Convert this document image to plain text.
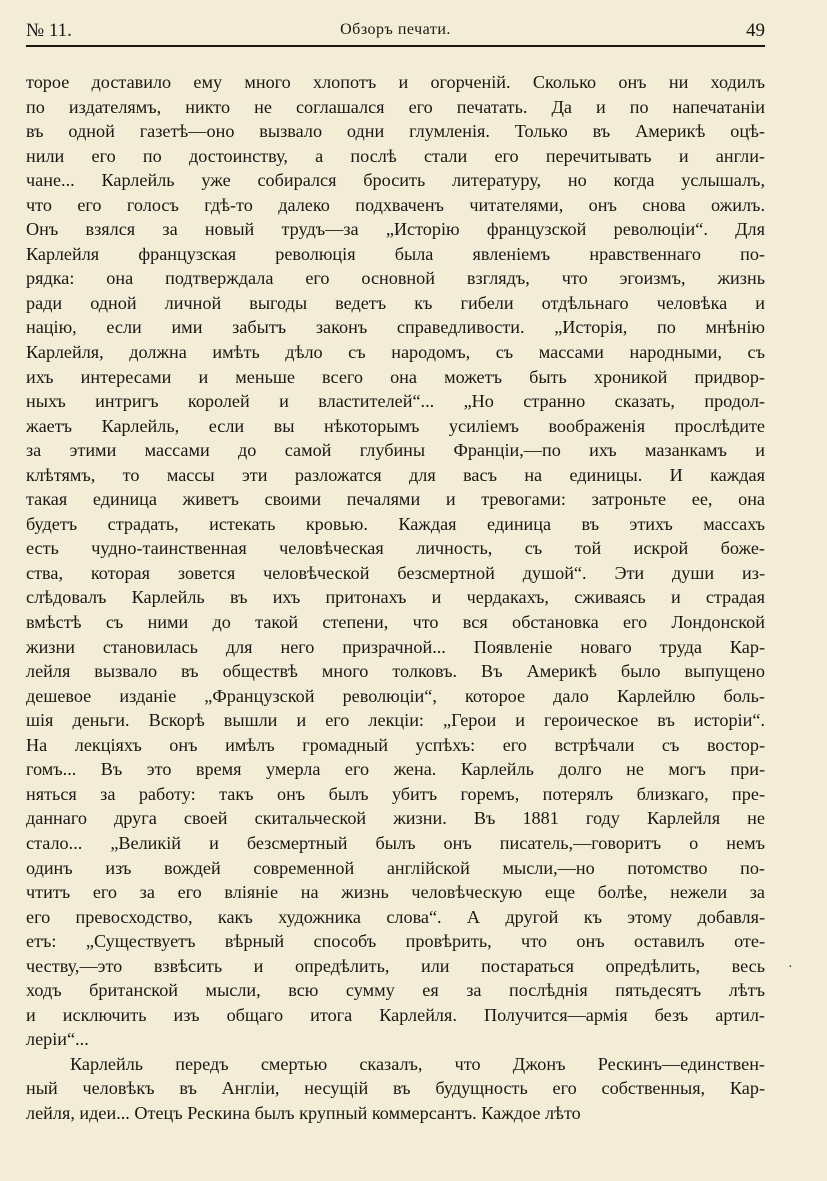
№ 11.	Обзоръ печати.	49
торое доставило ему много хлопотъ и огорченій. Сколько онъ ни ходилъ
по издателямъ, никто не соглашался его печатать. Да и по напечатаніи
въ одной газетѣ—оно вызвало одни глумленія. Только въ Америкѣ оцѣ-
нили его по достоинству, а послѣ стали его перечитывать и англи-
чане... Карлейль уже собирался бросить литературу, но когда услышалъ,
что его голосъ гдѣ-то далеко подхваченъ читателями, онъ снова ожилъ.
Онъ взялся за новый трудъ—за „Исторію французской революціи“. Для
Карлейля французская революція была явленіемъ нравственнаго по-
рядка: она подтверждала его основной взглядъ, что эгоизмъ, жизнь
ради одной личной выгоды ведетъ къ гибели отдѣльнаго человѣка и
націю, если ими забытъ законъ справедливости. „Исторія, по мнѣнію
Карлейля, должна имѣть дѣло съ народомъ, съ массами народными, съ
ихъ интересами и меньше всего она можетъ быть хроникой придвор-
ныхъ интригъ королей и властителей“... „Но странно сказать, продол-
жаетъ Карлейль, если вы нѣкоторымъ усиліемъ воображенія прослѣдите
за этими массами до самой глубины Франціи,—по ихъ мазанкамъ и
клѣтямъ, то массы эти разложатся для васъ на единицы. И каждая
такая единица живетъ своими печалями и тревогами: затроньте ее, она
будетъ страдать, истекать кровью. Каждая единица въ этихъ массахъ
есть чудно-таинственная человѣческая личность, съ той искрой боже-
ства, которая зовется человѣческой безсмертной душой“. Эти души из-
слѣдовалъ Карлейль въ ихъ притонахъ и чердакахъ, сживаясь и страдая
вмѣстѣ съ ними до такой степени, что вся обстановка его Лондонской
жизни становилась для него призрачной... Появленіе новаго труда Кар-
лейля вызвало въ обществѣ много толковъ. Въ Америкѣ было выпущено
дешевое изданіе „Французской революціи“, которое дало Карлейлю боль-
шія деньги. Вскорѣ вышли и его лекціи: „Герои и героическое въ исторіи“.
На лекціяхъ онъ имѣлъ громадный успѣхъ: его встрѣчали съ востор-
гомъ... Въ это время умерла его жена. Карлейль долго не могъ при-
няться за работу: такъ онъ былъ убитъ горемъ, потерялъ близкаго, пре-
даннаго друга своей скитальческой жизни. Въ 1881 году Карлейля не
стало... „Великій и безсмертный былъ онъ писатель,—говоритъ о немъ
одинъ изъ вождей современной англійской мысли,—но потомство по-
чтитъ его за его вліяніе на жизнь человѣческую еще болѣе, нежели за
его превосходство, какъ художника слова“. А другой къ этому добавля-
етъ: „Существуетъ вѣрный способъ провѣрить, что онъ оставилъ оте-
честву,—это взвѣсить и опредѣлить, или постараться опредѣлить, весь
ходъ британской мысли, всю сумму ея за послѣднія пятьдесятъ лѣтъ
и исключить изъ общаго итога Карлейля. Получится—армія безъ артил-
леріи“...
Карлейль передъ смертью сказалъ, что Джонъ Рескинъ—единствен-
ный человѣкъ въ Англіи, несущій въ будущность его собственныя, Кар-
лейля, идеи... Отецъ Рескина былъ крупный коммерсантъ. Каждое лѣто
·
